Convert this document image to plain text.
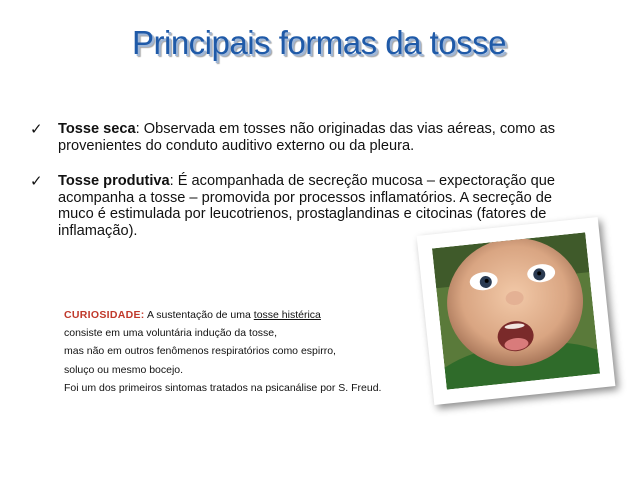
Principais formas da tosse
✓ Tosse seca: Observada em tosses não originadas das vias aéreas, como as provenientes do conduto auditivo externo ou da pleura.
✓ Tosse produtiva: É acompanhada de secreção mucosa – expectoração que acompanha a tosse – promovida por processos inflamatórios. A secreção de muco é estimulada por leucotrienos, prostaglandinas e citocinas (fatores de inflamação).
CURIOSIDADE: A sustentação de uma tosse histérica
consiste em uma voluntária indução da tosse,
mas não em outros fenômenos respiratórios como espirro,
soluço ou mesmo bocejo.
Foi um dos primeiros sintomas tratados na psicanálise por S. Freud.
